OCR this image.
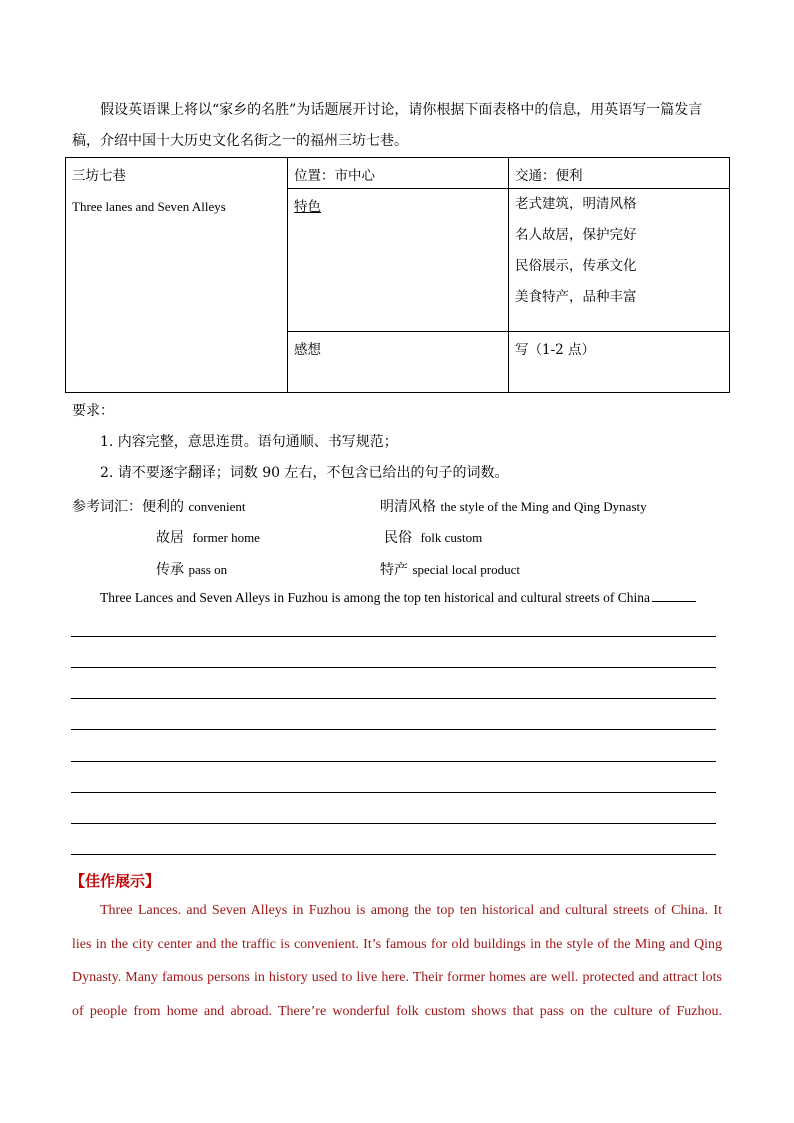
假设英语课上将以“家乡的名胜”为话题展开讨论，请你根据下面表格中的信息，用英语写一篇发言

稿，介绍中国十大历史文化名街之一的福州三坊七巷。

三坊七巷
Three lanes and Seven Alleys	位置：市中心	交通：便利
	特色	老式建筑，明清风格
名人故居，保护完好
民俗展示，传承文化
美食特产，品种丰富

	感想	写（1-2 点）
要求：
1. 内容完整，意思连贯。语句通顺、书写规范；
2. 请不要逐字翻译；词数 90 左右，不包含已给出的句子的词数。
参考词汇： 便利的 convenient	明清风格 the style of the Ming and Qing Dynasty
故居 former home	民俗 folk custom
传承 pass on	特产 special local product
Three Lances and Seven Alleys in Fuzhou is among the top ten historical and cultural streets of China
【佳作展示】
Three Lances. and Seven Alleys in Fuzhou is among the top ten historical and cultural streets of China. It
lies in the city center and the traffic is convenient. It’s famous for old buildings in the style of the Ming and Qing
Dynasty. Many famous persons in history used to live here. Their former homes are well. protected and attract lots
of people from home and abroad. There’re wonderful folk custom shows that pass on the culture of Fuzhou.
